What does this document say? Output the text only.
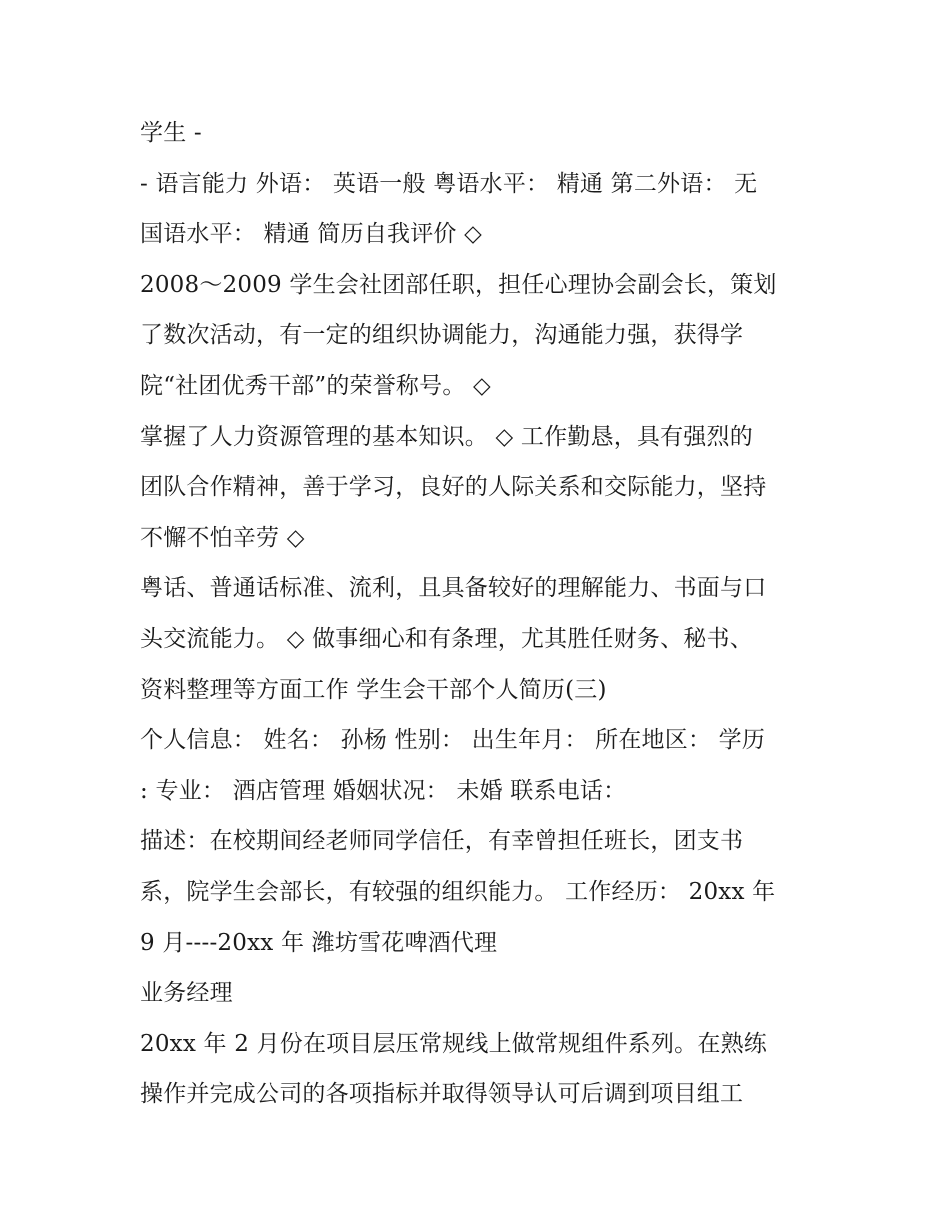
学生 -
- 语言能力 外语： 英语一般 粤语水平： 精通 第二外语： 无
国语水平： 精通 简历自我评价 ◇
2008～2009 学生会社团部任职，担任心理协会副会长，策划
了数次活动，有一定的组织协调能力，沟通能力强，获得学
院“社团优秀干部”的荣誉称号。 ◇
掌握了人力资源管理的基本知识。 ◇ 工作勤恳，具有强烈的
团队合作精神，善于学习，良好的人际关系和交际能力，坚持
不懈不怕辛劳 ◇
粤话、普通话标准、流利，且具备较好的理解能力、书面与口
头交流能力。 ◇ 做事细心和有条理，尤其胜任财务、秘书、
资料整理等方面工作 学生会干部个人简历(三)
个人信息： 姓名： 孙杨 性别： 出生年月： 所在地区： 学历
: 专业： 酒店管理 婚姻状况： 未婚 联系电话：
描述：在校期间经老师同学信任，有幸曾担任班长，团支书
系，院学生会部长，有较强的组织能力。 工作经历： 20xx 年
9 月----20xx 年 潍坊雪花啤酒代理
业务经理
20xx 年 2 月份在项目层压常规线上做常规组件系列。在熟练
操作并完成公司的各项指标并取得领导认可后调到项目组工
